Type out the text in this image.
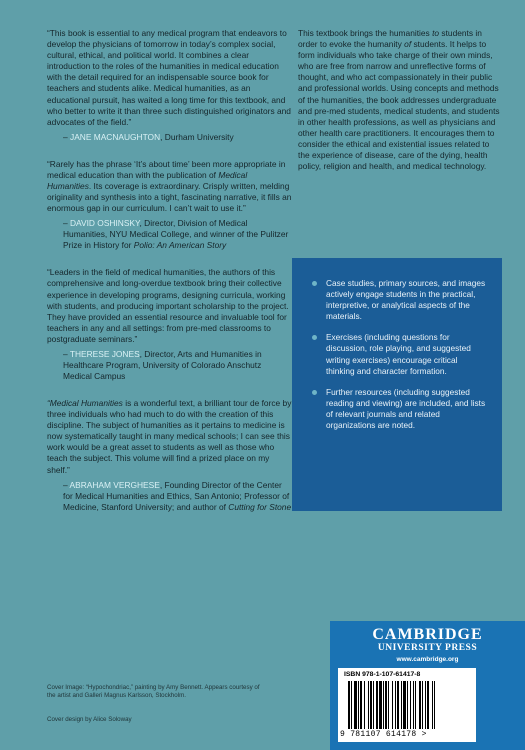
“This book is essential to any medical program that endeavors to develop the physicians of tomorrow in today’s complex social, cultural, ethical, and political world. It combines a clear introduction to the roles of the humanities in medical education with the detail required for an indispensable source book for teachers and students alike. Medical humanities, as an educational pursuit, has waited a long time for this textbook, and who better to write it than three such distinguished originators and advocates of the field.”

– JANE MACNAUGHTON, Durham University

“Rarely has the phrase ‘It’s about time’ been more appropriate in medical education than with the publication of Medical Humanities. Its coverage is extraordinary. Crisply written, melding originality and synthesis into a tight, fascinating narrative, it fills an enormous gap in our curriculum. I can’t wait to use it.”

– DAVID OSHINSKY, Director, Division of Medical Humanities, NYU Medical College, and winner of the Pulitzer Prize in History for Polio: An American Story

“Leaders in the field of medical humanities, the authors of this comprehensive and long-overdue textbook bring their collective experience in developing programs, designing curricula, working with students, and producing important scholarship to the project. They have provided an essential resource and invaluable tool for teachers in any and all settings: from pre-med classrooms to postgraduate seminars.”

– THERESE JONES, Director, Arts and Humanities in Healthcare Program, University of Colorado Anschutz Medical Campus

“Medical Humanities is a wonderful text, a brilliant tour de force by three individuals who had much to do with the creation of this discipline. The subject of humanities as it pertains to medicine is now systematically taught in many medical schools; I can see this work would be a great asset to students as well as those who teach the subject. This volume will find a prized place on my shelf.”

– ABRAHAM VERGHESE, Founding Director of the Center for Medical Humanities and Ethics, San Antonio; Professor of Medicine, Stanford University; and author of Cutting for Stone

This textbook brings the humanities to students in order to evoke the humanity of students. It helps to form individuals who take charge of their own minds, who are free from narrow and unreflective forms of thought, and who act compassionately in their public and professional worlds. Using concepts and methods of the humanities, the book addresses undergraduate and pre-med students, medical students, and students in other health professions, as well as physicians and other health care practitioners. It encourages them to consider the ethical and existential issues related to the experience of disease, care of the dying, health policy, religion and health, and medical technology.

Case studies, primary sources, and images actively engage students in the practical, interpretive, or analytical aspects of the materials.
Exercises (including questions for discussion, role playing, and suggested writing exercises) encourage critical thinking and character formation.
Further resources (including suggested reading and viewing) are included, and lists of relevant journals and related organizations are noted.
Cover Image: “Hypochondriac,” painting by Amy Bennett. Appears courtesy of the artist and Galleri Magnus Karlsson, Stockholm.
Cover design by Alice Soloway
CAMBRIDGE
UNIVERSITY PRESS
www.cambridge.org
ISBN 978-1-107-61417-8
9 781107 614178 >
